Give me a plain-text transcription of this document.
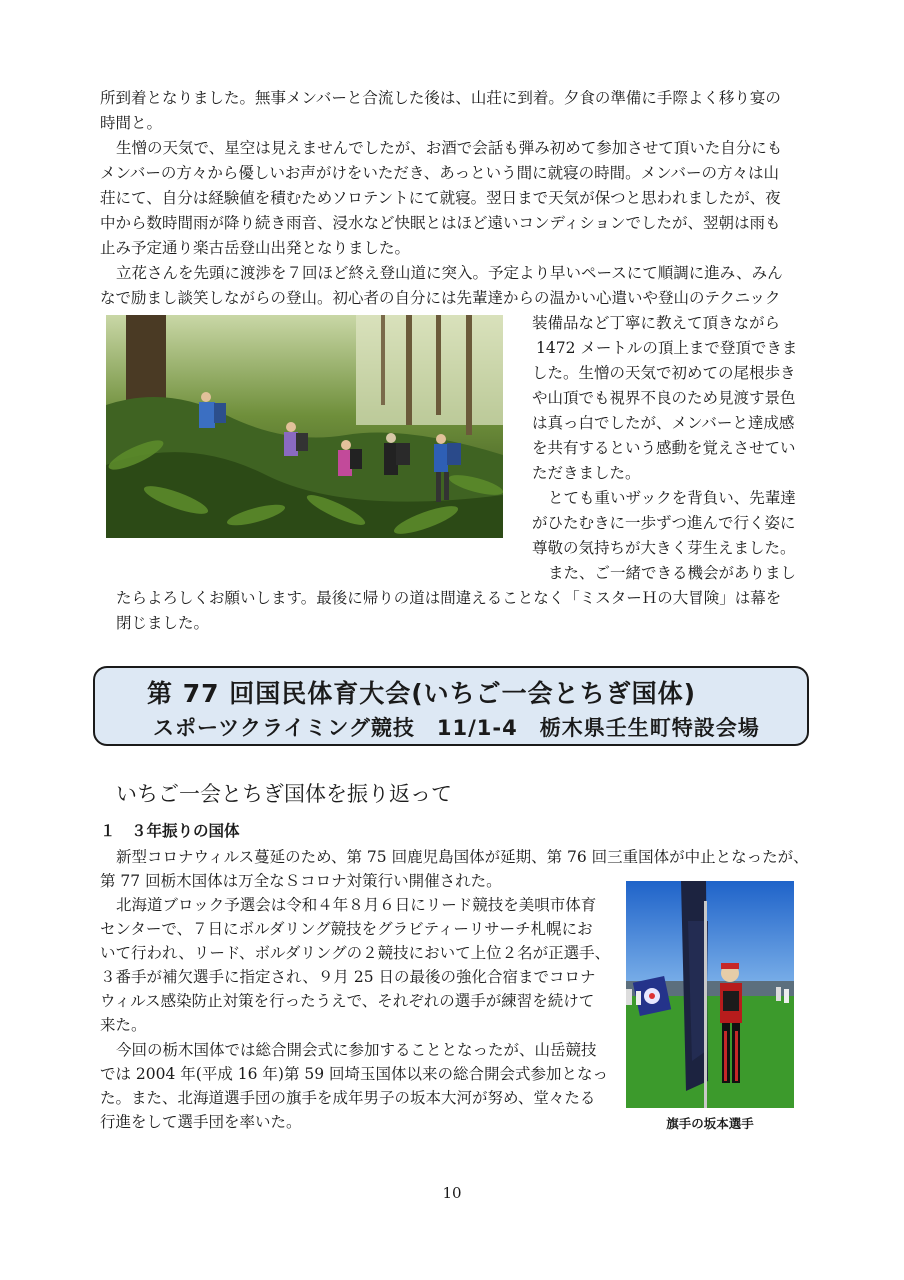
所到着となりました。無事メンバーと合流した後は、山荘に到着。夕食の準備に手際よく移り宴の

時間と。

生憎の天気で、星空は見えませんでしたが、お酒で会話も弾み初めて参加させて頂いた自分にも

メンバーの方々から優しいお声がけをいただき、あっという間に就寝の時間。メンバーの方々は山

荘にて、自分は経験値を積むためソロテントにて就寝。翌日まで天気が保つと思われましたが、夜

中から数時間雨が降り続き雨音、浸水など快眠とはほど遠いコンディションでしたが、翌朝は雨も

止み予定通り楽古岳登山出発となりました。

立花さんを先頭に渡渉を７回ほど終え登山道に突入。予定より早いペースにて順調に進み、みん

なで励まし談笑しながらの登山。初心者の自分には先輩達からの温かい心遣いや登山のテクニック

装備品など丁寧に教えて頂きながら

1472 メートルの頂上まで登頂できま

した。生憎の天気で初めての尾根歩き

や山頂でも視界不良のため見渡す景色

は真っ白でしたが、メンバーと達成感

を共有するという感動を覚えさせてい

ただきました。

とても重いザックを背負い、先輩達

がひたむきに一歩ずつ進んで行く姿に

尊敬の気持ちが大きく芽生えました。

また、ご一緒できる機会がありまし

たらよろしくお願いします。最後に帰りの道は間違えることなく「ミスターＨの大冒険」は幕を

閉じました。

第 77 回国民体育大会(いちご一会とちぎ国体)
スポーツクライミング競技　11/1-4　栃木県壬生町特設会場
いちご一会とちぎ国体を振り返って
１　３年振りの国体

新型コロナウィルス蔓延のため、第 75 回鹿児島国体が延期、第 76 回三重国体が中止となったが、

第 77 回栃木国体は万全なＳコロナ対策行い開催された。

北海道ブロック予選会は令和４年８月６日にリード競技を美唄市体育

センターで、７日にボルダリング競技をグラビティーリサーチ札幌にお

いて行われ、リード、ボルダリングの２競技において上位２名が正選手、

３番手が補欠選手に指定され、９月 25 日の最後の強化合宿までコロナ

ウィルス感染防止対策を行ったうえで、それぞれの選手が練習を続けて

来た。

今回の栃木国体では総合開会式に参加することとなったが、山岳競技

では 2004 年(平成 16 年)第 59 回埼玉国体以来の総合開会式参加となっ

た。また、北海道選手団の旗手を成年男子の坂本大河が努め、堂々たる

行進をして選手団を率いた。	旗手の坂本選手
10
